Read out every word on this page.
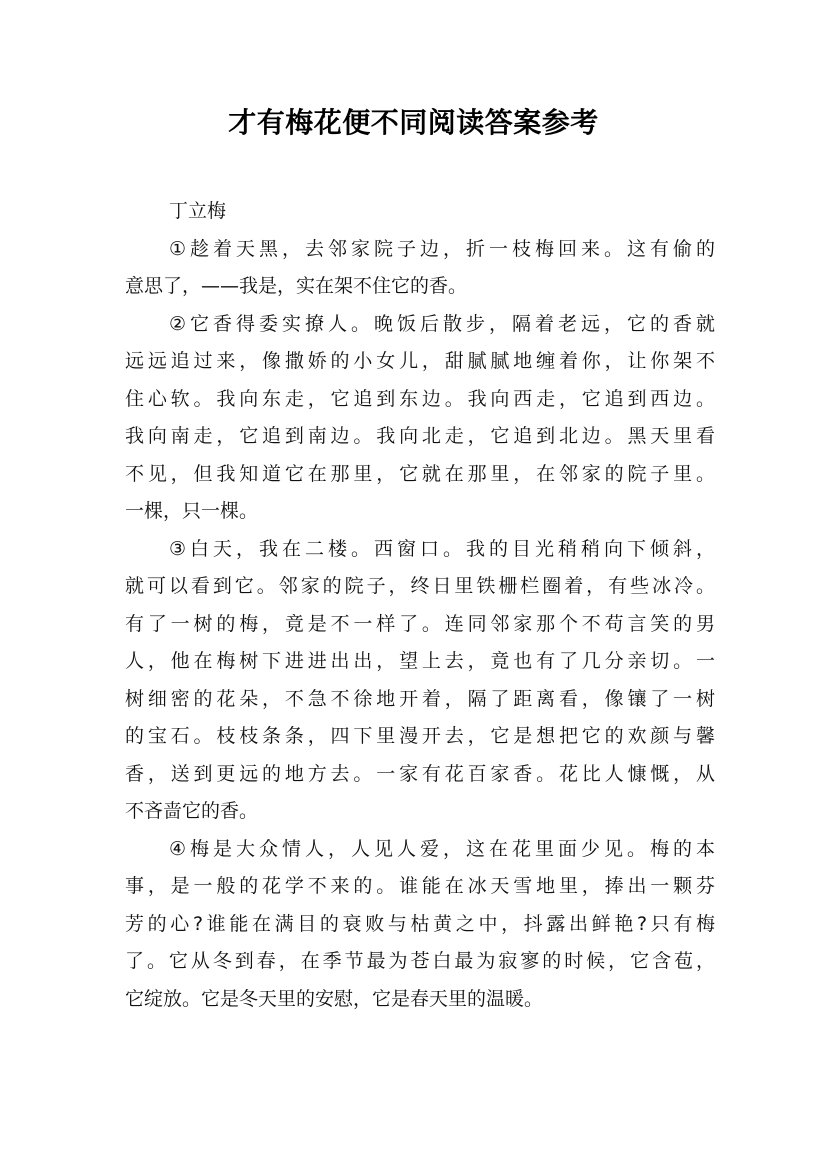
才有梅花便不同阅读答案参考
丁立梅
①趁着天黑，去邻家院子边，折一枝梅回来。这有偷的
意思了，——我是，实在架不住它的香。
②它香得委实撩人。晚饭后散步，隔着老远，它的香就
远远追过来，像撒娇的小女儿，甜腻腻地缠着你，让你架不
住心软。我向东走，它追到东边。我向西走，它追到西边。
我向南走，它追到南边。我向北走，它追到北边。黑天里看
不见，但我知道它在那里，它就在那里，在邻家的院子里。
一棵，只一棵。
③白天，我在二楼。西窗口。我的目光稍稍向下倾斜，
就可以看到它。邻家的院子，终日里铁栅栏圈着，有些冰冷。
有了一树的梅，竟是不一样了。连同邻家那个不苟言笑的男
人，他在梅树下进进出出，望上去，竟也有了几分亲切。一
树细密的花朵，不急不徐地开着，隔了距离看，像镶了一树
的宝石。枝枝条条，四下里漫开去，它是想把它的欢颜与馨
香，送到更远的地方去。一家有花百家香。花比人慷慨，从
不吝啬它的香。
④梅是大众情人，人见人爱，这在花里面少见。梅的本
事，是一般的花学不来的。谁能在冰天雪地里，捧出一颗芬
芳的心?谁能在满目的衰败与枯黄之中，抖露出鲜艳?只有梅
了。它从冬到春，在季节最为苍白最为寂寥的时候，它含苞，
它绽放。它是冬天里的安慰，它是春天里的温暖。
